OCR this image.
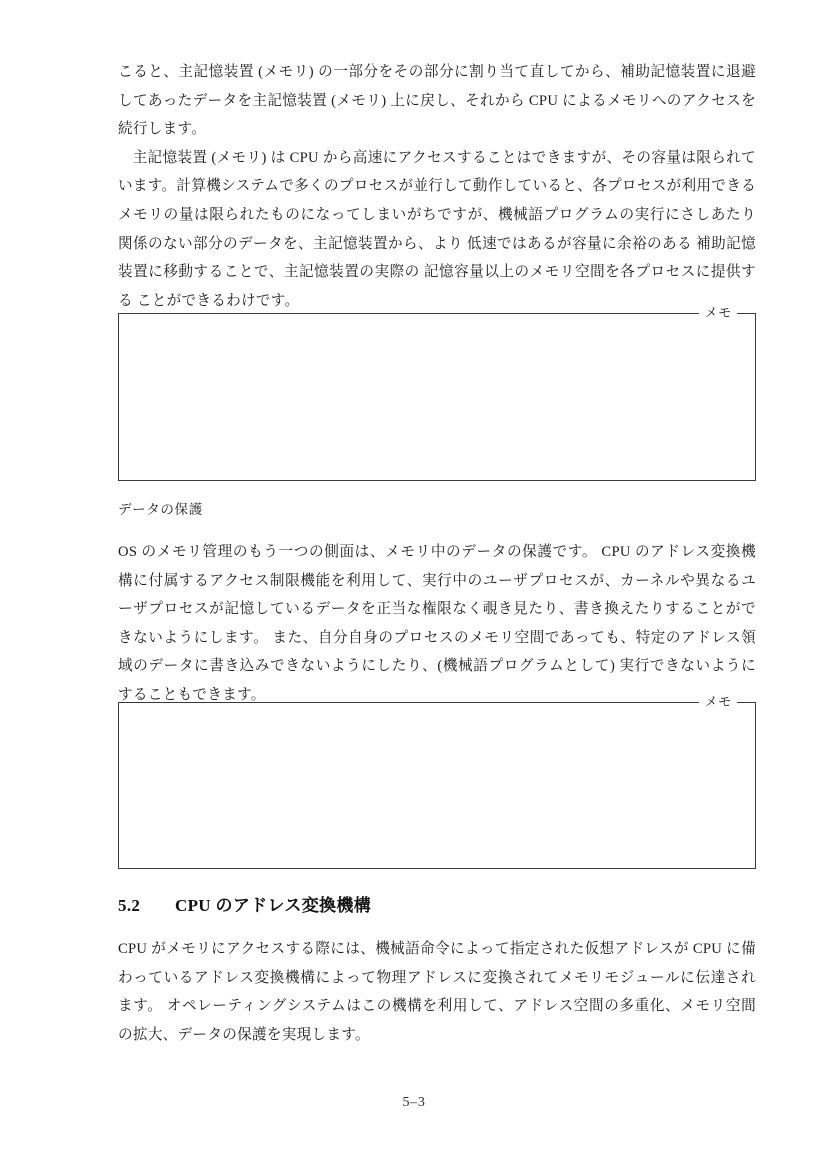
こると、主記憶装置 (メモリ) の一部分をその部分に割り当て直してから、補助記憶装置に退避してあったデータを主記憶装置 (メモリ) 上に戻し、それから CPU によるメモリへのアクセスを続行します。

主記憶装置 (メモリ) は CPU から高速にアクセスすることはできますが、その容量は限られています。計算機システムで多くのプロセスが並行して動作していると、各プロセスが利用できるメモリの量は限られたものになってしまいがちですが、機械語プログラムの実行にさしあたり 関係のない部分のデータを、主記憶装置から、より 低速ではあるが容量に余裕のある 補助記憶装置に移動することで、主記憶装置の実際の 記憶容量以上のメモリ空間を各プロセスに提供する ことができるわけです。

メモ
データの保護

OS のメモリ管理のもう一つの側面は、メモリ中のデータの保護です。 CPU のアドレス変換機構に付属するアクセス制限機能を利用して、実行中のユーザプロセスが、カーネルや異なるユーザプロセスが記憶しているデータを正当な権限なく覗き見たり、書き換えたりすることができないようにします。 また、自分自身のプロセスのメモリ空間であっても、特定のアドレス領域のデータに書き込みできないようにしたり、(機械語プログラムとして) 実行できないようにすることもできます。	メモ
5.2　　CPU のアドレス変換機構

CPU がメモリにアクセスする際には、機械語命令によって指定された仮想アドレスが CPU に備わっているアドレス変換機構によって物理アドレスに変換されてメモリモジュールに伝達されます。 オペレーティングシステムはこの機構を利用して、アドレス空間の多重化、メモリ空間の拡大、データの保護を実現します。

5–3
